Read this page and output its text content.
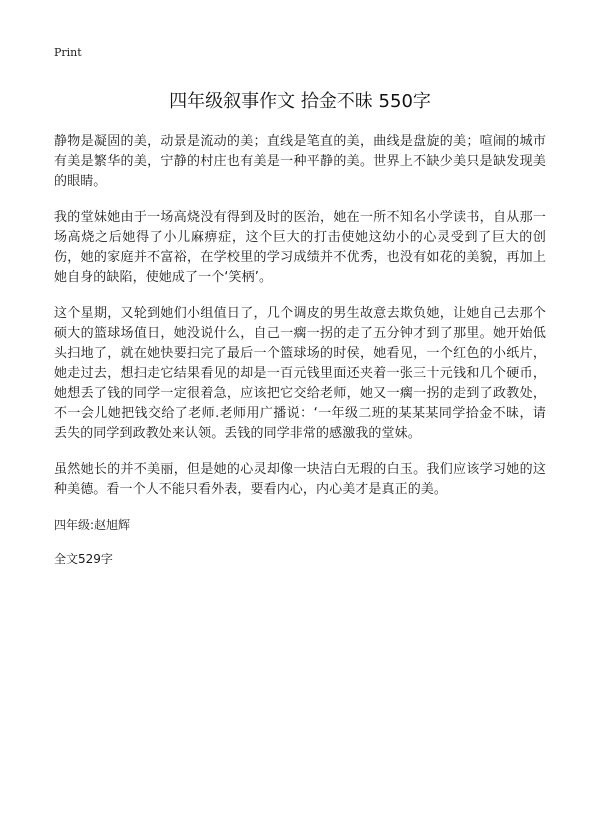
Print

四年级叙事作文 拾金不昧 550字

静物是凝固的美，动景是流动的美；直线是笔直的美，曲线是盘旋的美；喧闹的城市有美是繁华的美，宁静的村庄也有美是一种平静的美。世界上不缺少美只是缺发现美的眼睛。

我的堂妹她由于一场高烧没有得到及时的医治，她在一所不知名小学读书，自从那一场高烧之后她得了小儿麻痹症，这个巨大的打击使她这幼小的心灵受到了巨大的创伤，她的家庭并不富裕，在学校里的学习成绩并不优秀，也没有如花的美貌，再加上她自身的缺陷，使她成了一个‘笑柄’。

这个星期，又轮到她们小组值日了，几个调皮的男生故意去欺负她，让她自己去那个硕大的篮球场值日，她没说什么，自己一瘸一拐的走了五分钟才到了那里。她开始低头扫地了，就在她快要扫完了最后一个篮球场的时侯，她看见，一个红色的小纸片，她走过去，想扫走它结果看见的却是一百元钱里面还夹着一张三十元钱和几个硬币，她想丢了钱的同学一定很着急，应该把它交给老师，她又一瘸一拐的走到了政教处，不一会儿她把钱交给了老师.老师用广播说：‘一年级二班的某某某同学拾金不昧，请丢失的同学到政教处来认领。丢钱的同学非常的感激我的堂妹。

虽然她长的并不美丽，但是她的心灵却像一块洁白无瑕的白玉。我们应该学习她的这种美德。看一个人不能只看外表，要看内心，内心美才是真正的美。

四年级:赵旭辉

全文529字
